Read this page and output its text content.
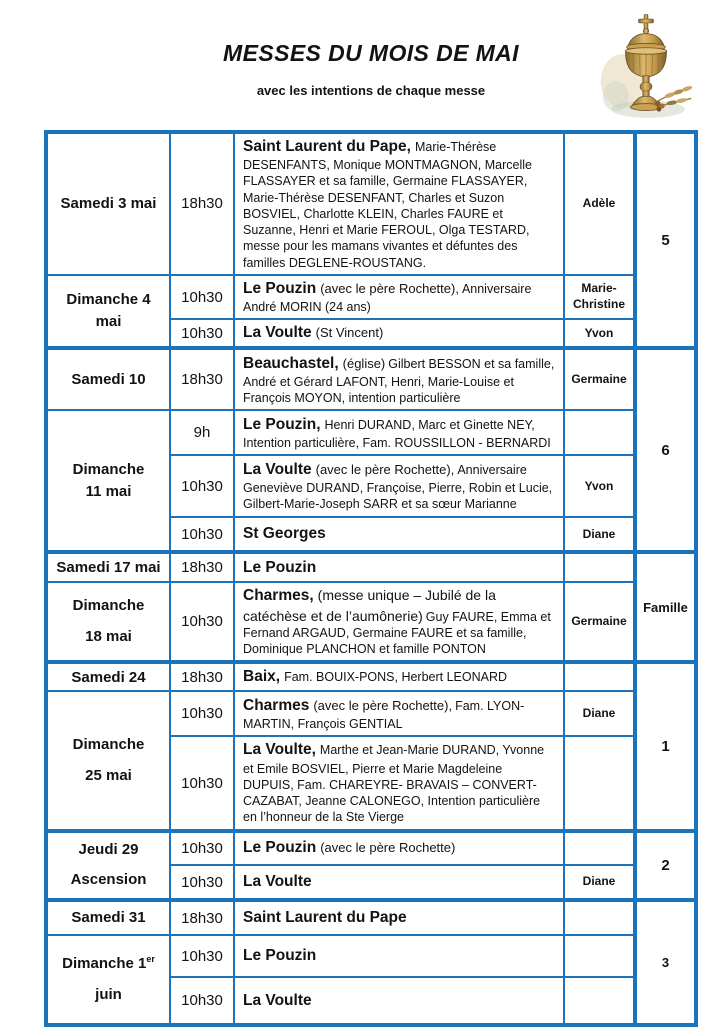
MESSES DU MOIS DE MAI

avec les intentions de chaque messe

Samedi 3 mai	18h30	Saint Laurent du Pape, Marie-Thérèse DESENFANTS, Monique MONTMAGNON, Marcelle FLASSAYER et sa famille, Germaine FLASSAYER, Marie-Thérèse DESENFANT, Charles et Suzon BOSVIEL, Charlotte KLEIN, Charles FAURE et Suzanne, Henri et Marie FEROUL, Olga TESTARD, messe pour les mamans vivantes et défuntes des familles DEGLENE-ROUSTANG.	Adèle	5

Dimanche 4
mai	10h30	Le Pouzin (avec le père Rochette), Anniversaire André MORIN (24 ans)	Marie-Christine	
	10h30	La Voulte (St Vincent)	Yvon	

Samedi 10	18h30	Beauchastel, (église) Gilbert BESSON et sa famille, André et Gérard LAFONT, Henri, Marie-Louise et François MOYON, intention particulière	Germaine	6

Dimanche
11 mai	9h	Le Pouzin, Henri DURAND, Marc et Ginette NEY, Intention particulière, Fam. ROUSSILLON - BERNARDI		
	10h30	La Voulte (avec le père Rochette), Anniversaire Geneviève DURAND, Françoise, Pierre, Robin et Lucie, Gilbert-Marie-Joseph SARR et sa sœur Marianne	Yvon	
	10h30	St Georges	Diane	

Samedi 17 mai	18h30	Le Pouzin		Famille

Dimanche
18 mai	10h30	Charmes, (messe unique – Jubilé de la catéchèse et de l’aumônerie) Guy FAURE, Emma et Fernand ARGAUD, Germaine FAURE et sa famille, Dominique PLANCHON et famille PONTON	Germaine	

Samedi 24	18h30	Baix, Fam. BOUIX-PONS, Herbert LEONARD		1

Dimanche
25 mai	10h30	Charmes (avec le père Rochette), Fam. LYON-MARTIN, François GENTIAL	Diane	
	10h30	La Voulte, Marthe et Jean-Marie DURAND, Yvonne et Emile BOSVIEL, Pierre et Marie Magdeleine DUPUIS, Fam. CHAREYRE- BRAVAIS – CONVERT-CAZABAT, Jeanne CALONEGO, Intention particulière en l’honneur de la Ste Vierge		

Jeudi 29
Ascension	10h30	Le Pouzin (avec le père Rochette)		2
	10h30	La Voulte	Diane	

Samedi 31	18h30	Saint Laurent du Pape		3

Dimanche 1er
juin	10h30	Le Pouzin		
	10h30	La Voulte		
